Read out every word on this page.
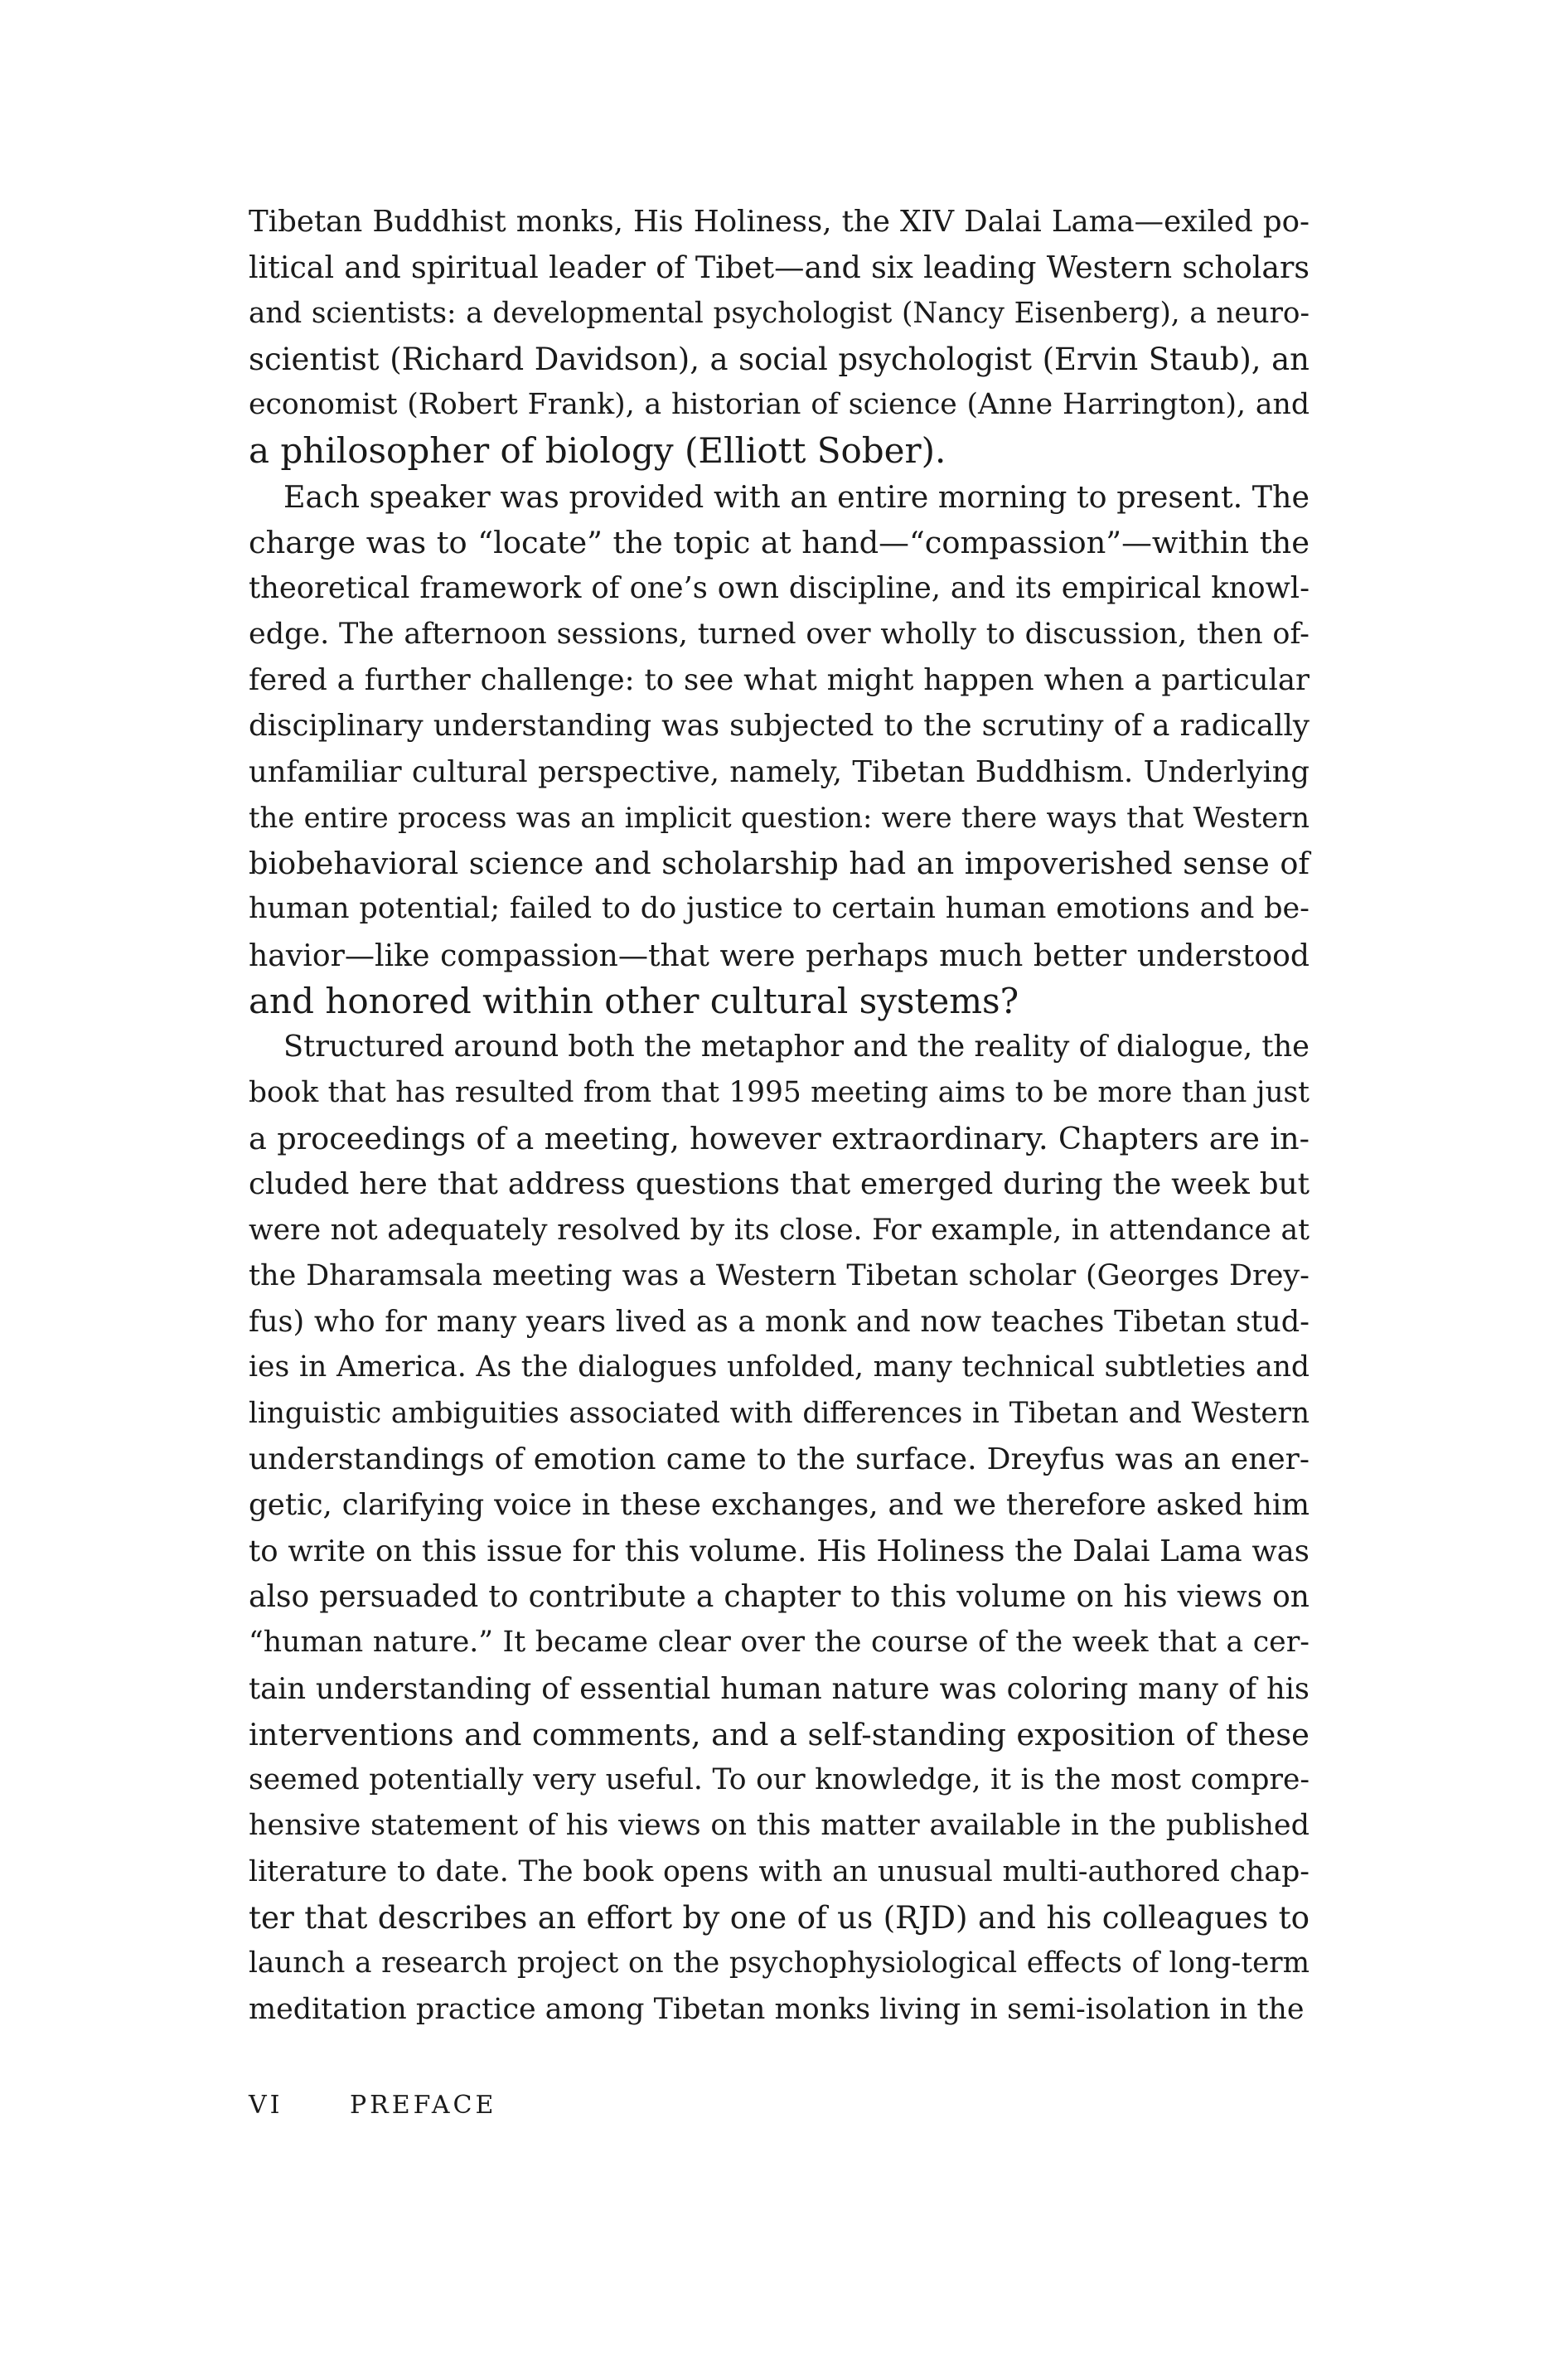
Tibetan Buddhist monks, His Holiness, the XIV Dalai Lama—exiled po-
litical and spiritual leader of Tibet—and six leading Western scholars
and scientists: a developmental psychologist (Nancy Eisenberg), a neuro-
scientist (Richard Davidson), a social psychologist (Ervin Staub), an
economist (Robert Frank), a historian of science (Anne Harrington), and
a philosopher of biology (Elliott Sober).
Each speaker was provided with an entire morning to present. The
charge was to “locate” the topic at hand—“compassion”—within the
theoretical framework of one’s own discipline, and its empirical knowl-
edge. The afternoon sessions, turned over wholly to discussion, then of-
fered a further challenge: to see what might happen when a particular
disciplinary understanding was subjected to the scrutiny of a radically
unfamiliar cultural perspective, namely, Tibetan Buddhism. Underlying
the entire process was an implicit question: were there ways that Western
biobehavioral science and scholarship had an impoverished sense of
human potential; failed to do justice to certain human emotions and be-
havior—like compassion—that were perhaps much better understood
and honored within other cultural systems?
Structured around both the metaphor and the reality of dialogue, the
book that has resulted from that 1995 meeting aims to be more than just
a proceedings of a meeting, however extraordinary. Chapters are in-
cluded here that address questions that emerged during the week but
were not adequately resolved by its close. For example, in attendance at
the Dharamsala meeting was a Western Tibetan scholar (Georges Drey-
fus) who for many years lived as a monk and now teaches Tibetan stud-
ies in America. As the dialogues unfolded, many technical subtleties and
linguistic ambiguities associated with differences in Tibetan and Western
understandings of emotion came to the surface. Dreyfus was an ener-
getic, clarifying voice in these exchanges, and we therefore asked him
to write on this issue for this volume. His Holiness the Dalai Lama was
also persuaded to contribute a chapter to this volume on his views on
“human nature.” It became clear over the course of the week that a cer-
tain understanding of essential human nature was coloring many of his
interventions and comments, and a self-standing exposition of these
seemed potentially very useful. To our knowledge, it is the most compre-
hensive statement of his views on this matter available in the published
literature to date. The book opens with an unusual multi-authored chap-
ter that describes an effort by one of us (RJD) and his colleagues to
launch a research project on the psychophysiological effects of long-term
meditation practice among Tibetan monks living in semi-isolation in the
VI	PREFACE
